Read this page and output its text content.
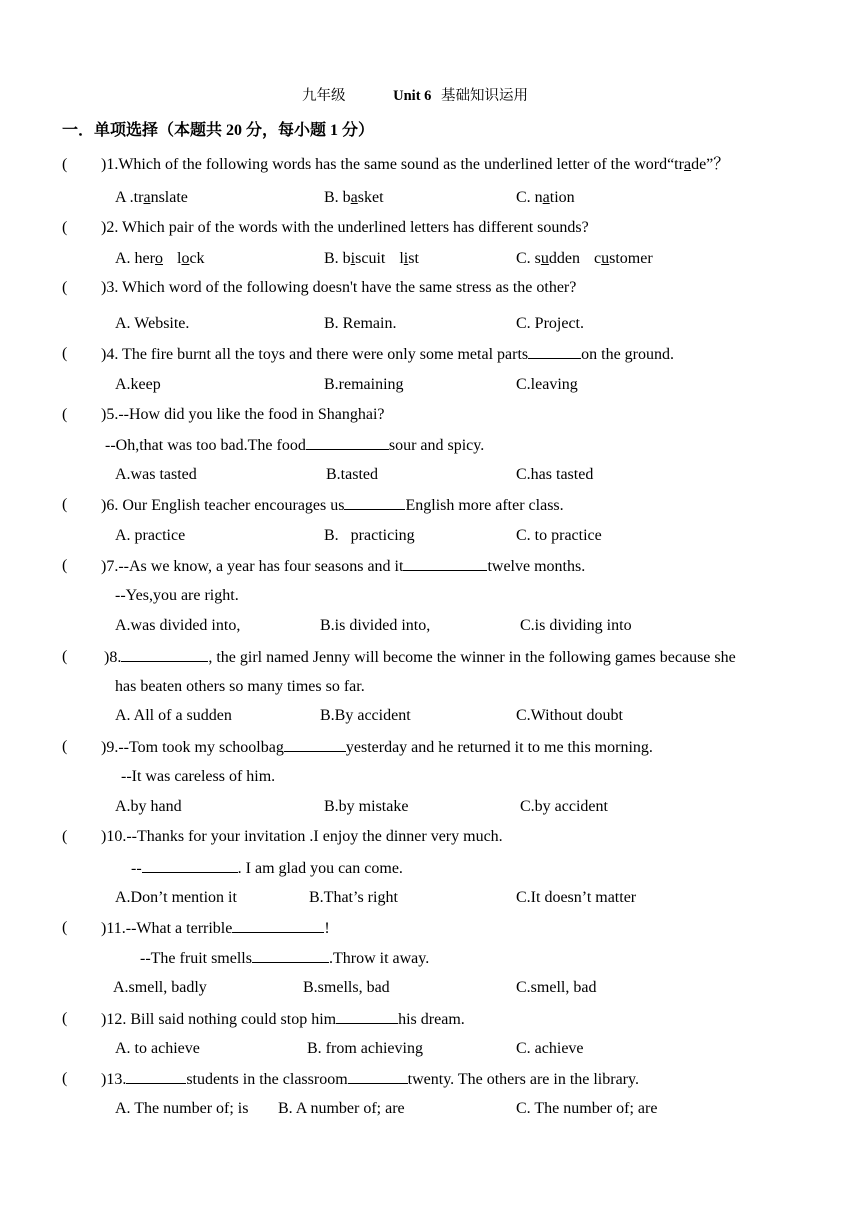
九年级	Unit 6 基础知识运用
一．单项选择（本题共 20 分，每小题 1 分）
( )1.Which of the following words has the same sound as the underlined letter of the word“trade”？
A .translate	B. basket	C. nation
( )2. Which pair of the words with the underlined letters has different sounds?
A. hero lock	B. biscuit list	C. sudden customer
( )3. Which word of the following doesn't have the same stress as the other?
A. Website.	B. Remain.	C. Project.
( )4. The fire burnt all the toys and there were only some metal parts	on the ground.
A.keep	B.remaining	C.leaving
( )5.--How did you like the food in Shanghai?
--Oh,that was too bad.The food	sour and spicy.
A.was tasted	B.tasted	C.has tasted
( )6. Our English teacher encourages us	English more after class.
A. practice	B.   practicing	C. to practice
( )7.--As we know, a year has four seasons and it	twelve months.
--Yes,you are right.
A.was divided into,	B.is divided into,	C.is dividing into
( )8.	, the girl named Jenny will become the winner in the following games because she
has beaten others so many times so far.
A. All of a sudden	B.By accident	C.Without doubt
( )9.--Tom took my schoolbag	yesterday and he returned it to me this morning.
--It was careless of him.
A.by hand	B.by mistake	C.by accident
( )10.--Thanks for your invitation .I enjoy the dinner very much.
--	. I am glad you can come.
A.Don’t mention it	B.That’s right	C.It doesn’t matter
( )11.--What a terrible	!
--The fruit smells	.Throw it away.
A.smell, badly	B.smells, bad	C.smell, bad
( )12. Bill said nothing could stop him	his dream.
A. to achieve	B. from achieving	C. achieve
( )13.	students in the classroom	twenty. The others are in the library.
A. The number of; is B. A number of; are	C. The number of; are
